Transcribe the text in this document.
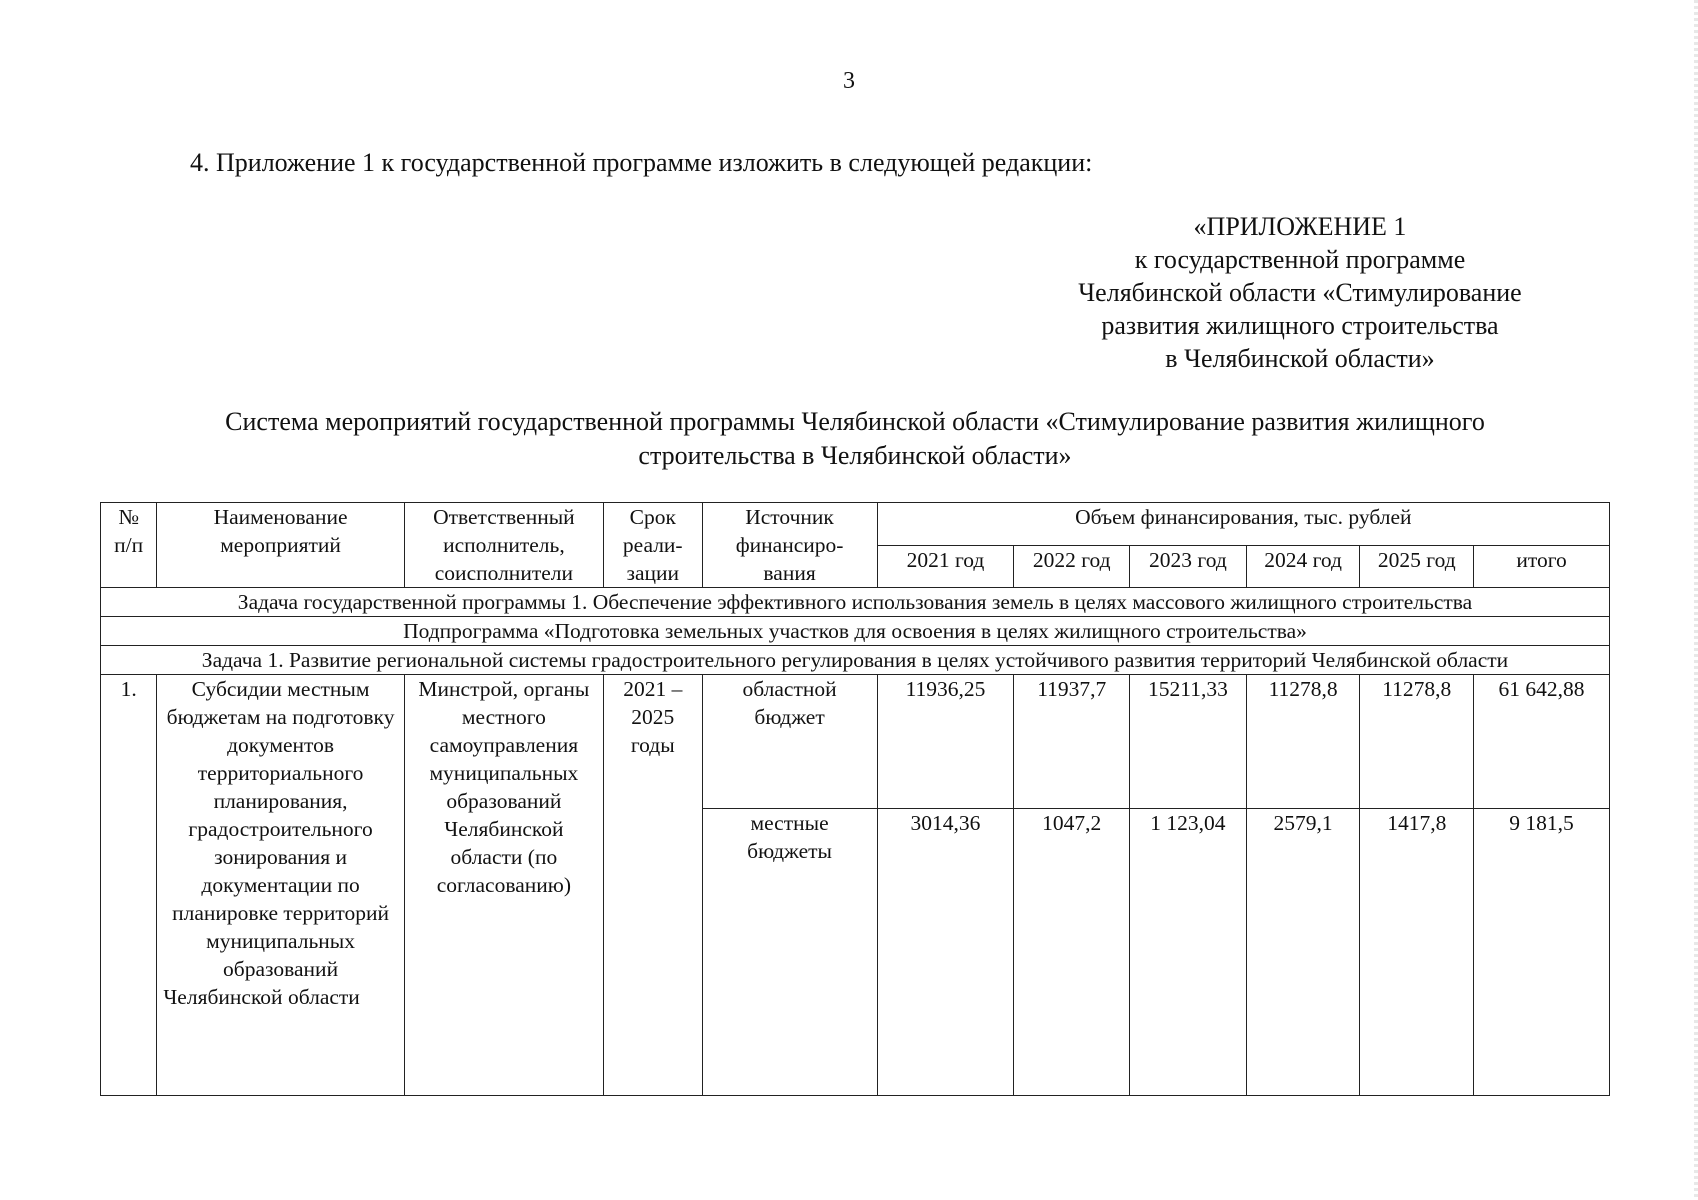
3
4. Приложение 1 к государственной программе изложить в следующей редакции:
«ПРИЛОЖЕНИЕ 1
к государственной программе
Челябинской области «Стимулирование
развития жилищного строительства
в Челябинской области»
Система мероприятий государственной программы Челябинской области «Стимулирование развития жилищного
строительства в Челябинской области»
№ п/п	Наименование мероприятий	Ответственный исполнитель, соисполнители	Срок реали- зации	Источник финансиро- вания	Объем финансирования, тыс. рублей					
					2021 год	2022 год	2023 год	2024 год	2025 год	итого
Задача государственной программы 1. Обеспечение эффективного использования земель в целях массового жилищного строительства										
Подпрограмма «Подготовка земельных участков для освоения в целях жилищного строительства»										
Задача 1. Развитие региональной системы градостроительного регулирования в целях устойчивого развития территорий Челябинской области										
1.	Субсидии местным бюджетам на подготовку документов территориального планирования, градостроительного зонирования и документации по планировке территорий муниципальных образований Челябинской области	Минстрой, органы местного самоуправления муниципальных образований Челябинской области (по согласованию)	2021 – 2025 годы	областной бюджет	11936,25	11937,7	15211,33	11278,8	11278,8	61 642,88
				местные бюджеты	3014,36	1047,2	1 123,04	2579,1	1417,8	9 181,5
